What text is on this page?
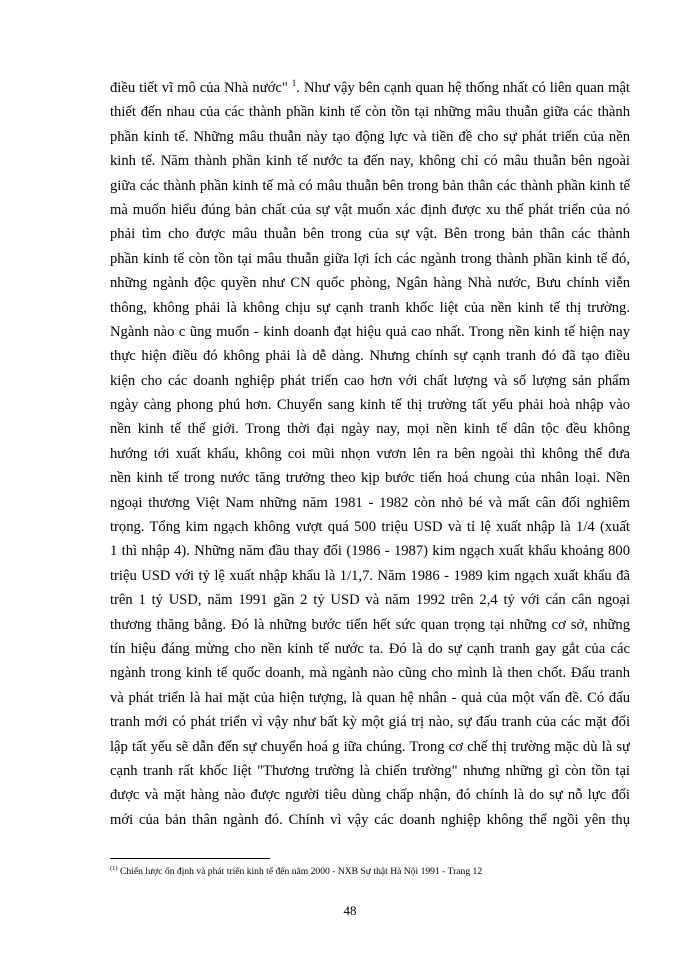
điều tiết vĩ mô của Nhà nước" $^1$. Như vậy bên cạnh quan hệ thống nhất có liên quan mật
thiết đến nhau của các thành phần kinh tế còn tồn tại những mâu thuẫn giữa các thành
phần kinh tế. Những mâu thuẫn này tạo động lực và tiền đề cho sự phát triển của nền
kinh tế. Năm thành phần kinh tế nước ta đến nay, không chỉ có mâu thuẫn bên ngoài
giữa các thành phần kinh tế mà có mâu thuẫn bên trong bản thân các thành phần kinh tế
mà muốn hiểu đúng bản chất của sự vật muốn xác định được xu thế phát triển của nó
phải tìm cho được mâu thuẫn bên trong của sự vật. Bên trong bản thân các thành
phần kinh tế còn tồn tại mâu thuẫn giữa lợi ích các ngành trong thành phần kinh tế đó,
những ngành độc quyền như CN quốc phòng, Ngân hàng Nhà nước, Bưu chính viễn
thông, không phải là không chịu sự cạnh tranh khốc liệt của nền kinh tế thị trường.
Ngành nào c ũng muốn - kinh doanh đạt hiệu quả cao nhất. Trong nền kinh tế hiện nay
thực hiện điều đó không phải là dễ dàng. Nhưng chính sự cạnh tranh đó đã tạo điều
kiện cho các doanh nghiệp phát triển cao hơn với chất lượng và số lượng sản phẩm
ngày càng phong phú hơn. Chuyển sang kinh tế thị trường tất yếu phải hoà nhập vào
nền kinh tế thế giới. Trong thời đại ngày nay, mọi nền kinh tế dân tộc đều không
hướng tới xuất khẩu, không coi mũi nhọn vươn lên ra bên ngoài thì không thể đưa
nền kinh tế trong nước tăng trưởng theo kịp bước tiến hoá chung của nhân loại. Nền
ngoại thương Việt Nam những năm 1981 - 1982 còn nhỏ bé và mất cân đối nghiêm
trọng. Tổng kim ngạch không vượt quá 500 triệu USD và tỉ lệ xuất nhập là 1/4 (xuất
1 thì nhập 4). Những năm đầu thay đổi (1986 - 1987) kim ngạch xuất khẩu khoảng 800
triệu USD với tỷ lệ xuất nhập khẩu là 1/1,7. Năm 1986 - 1989 kim ngạch xuất khẩu đã
trên 1 tỷ USD, năm 1991 gần 2 tỷ USD và năm 1992 trên 2,4 tỷ với cán cân ngoại
thương thăng bằng. Đó là những bước tiến hết sức quan trọng tại những cơ sở, những
tín hiệu đáng mừng cho nền kinh tế nước ta. Đó là do sự cạnh tranh gay gắt của các
ngành trong kinh tế quốc doanh, mà ngành nào cũng cho mình là then chốt. Đấu tranh
và phát triển là hai mặt của hiện tượng, là quan hệ nhân - quả của một vấn đề. Có đấu
tranh mới có phát triển vì vậy như bất kỳ một giá trị nào, sự đấu tranh của các mặt đối
lập tất yếu sẽ dẫn đến sự chuyển hoá g iữa chúng. Trong cơ chế thị trường mặc dù là sự
cạnh tranh rất khốc liệt "Thương trường là chiến trường" nhưng những gì còn tồn tại
được và mặt hàng nào được người tiêu dùng chấp nhận, đó chính là do sự nỗ lực đổi
mới của bản thân ngành đó. Chính vì vậy các doanh nghiệp không thể ngồi yên thụ
$^{(1)}$ Chiến lược ổn định và phát triển kinh tế đến năm 2000 - NXB Sự thật Hà Nội 1991 - Trang 12
48
